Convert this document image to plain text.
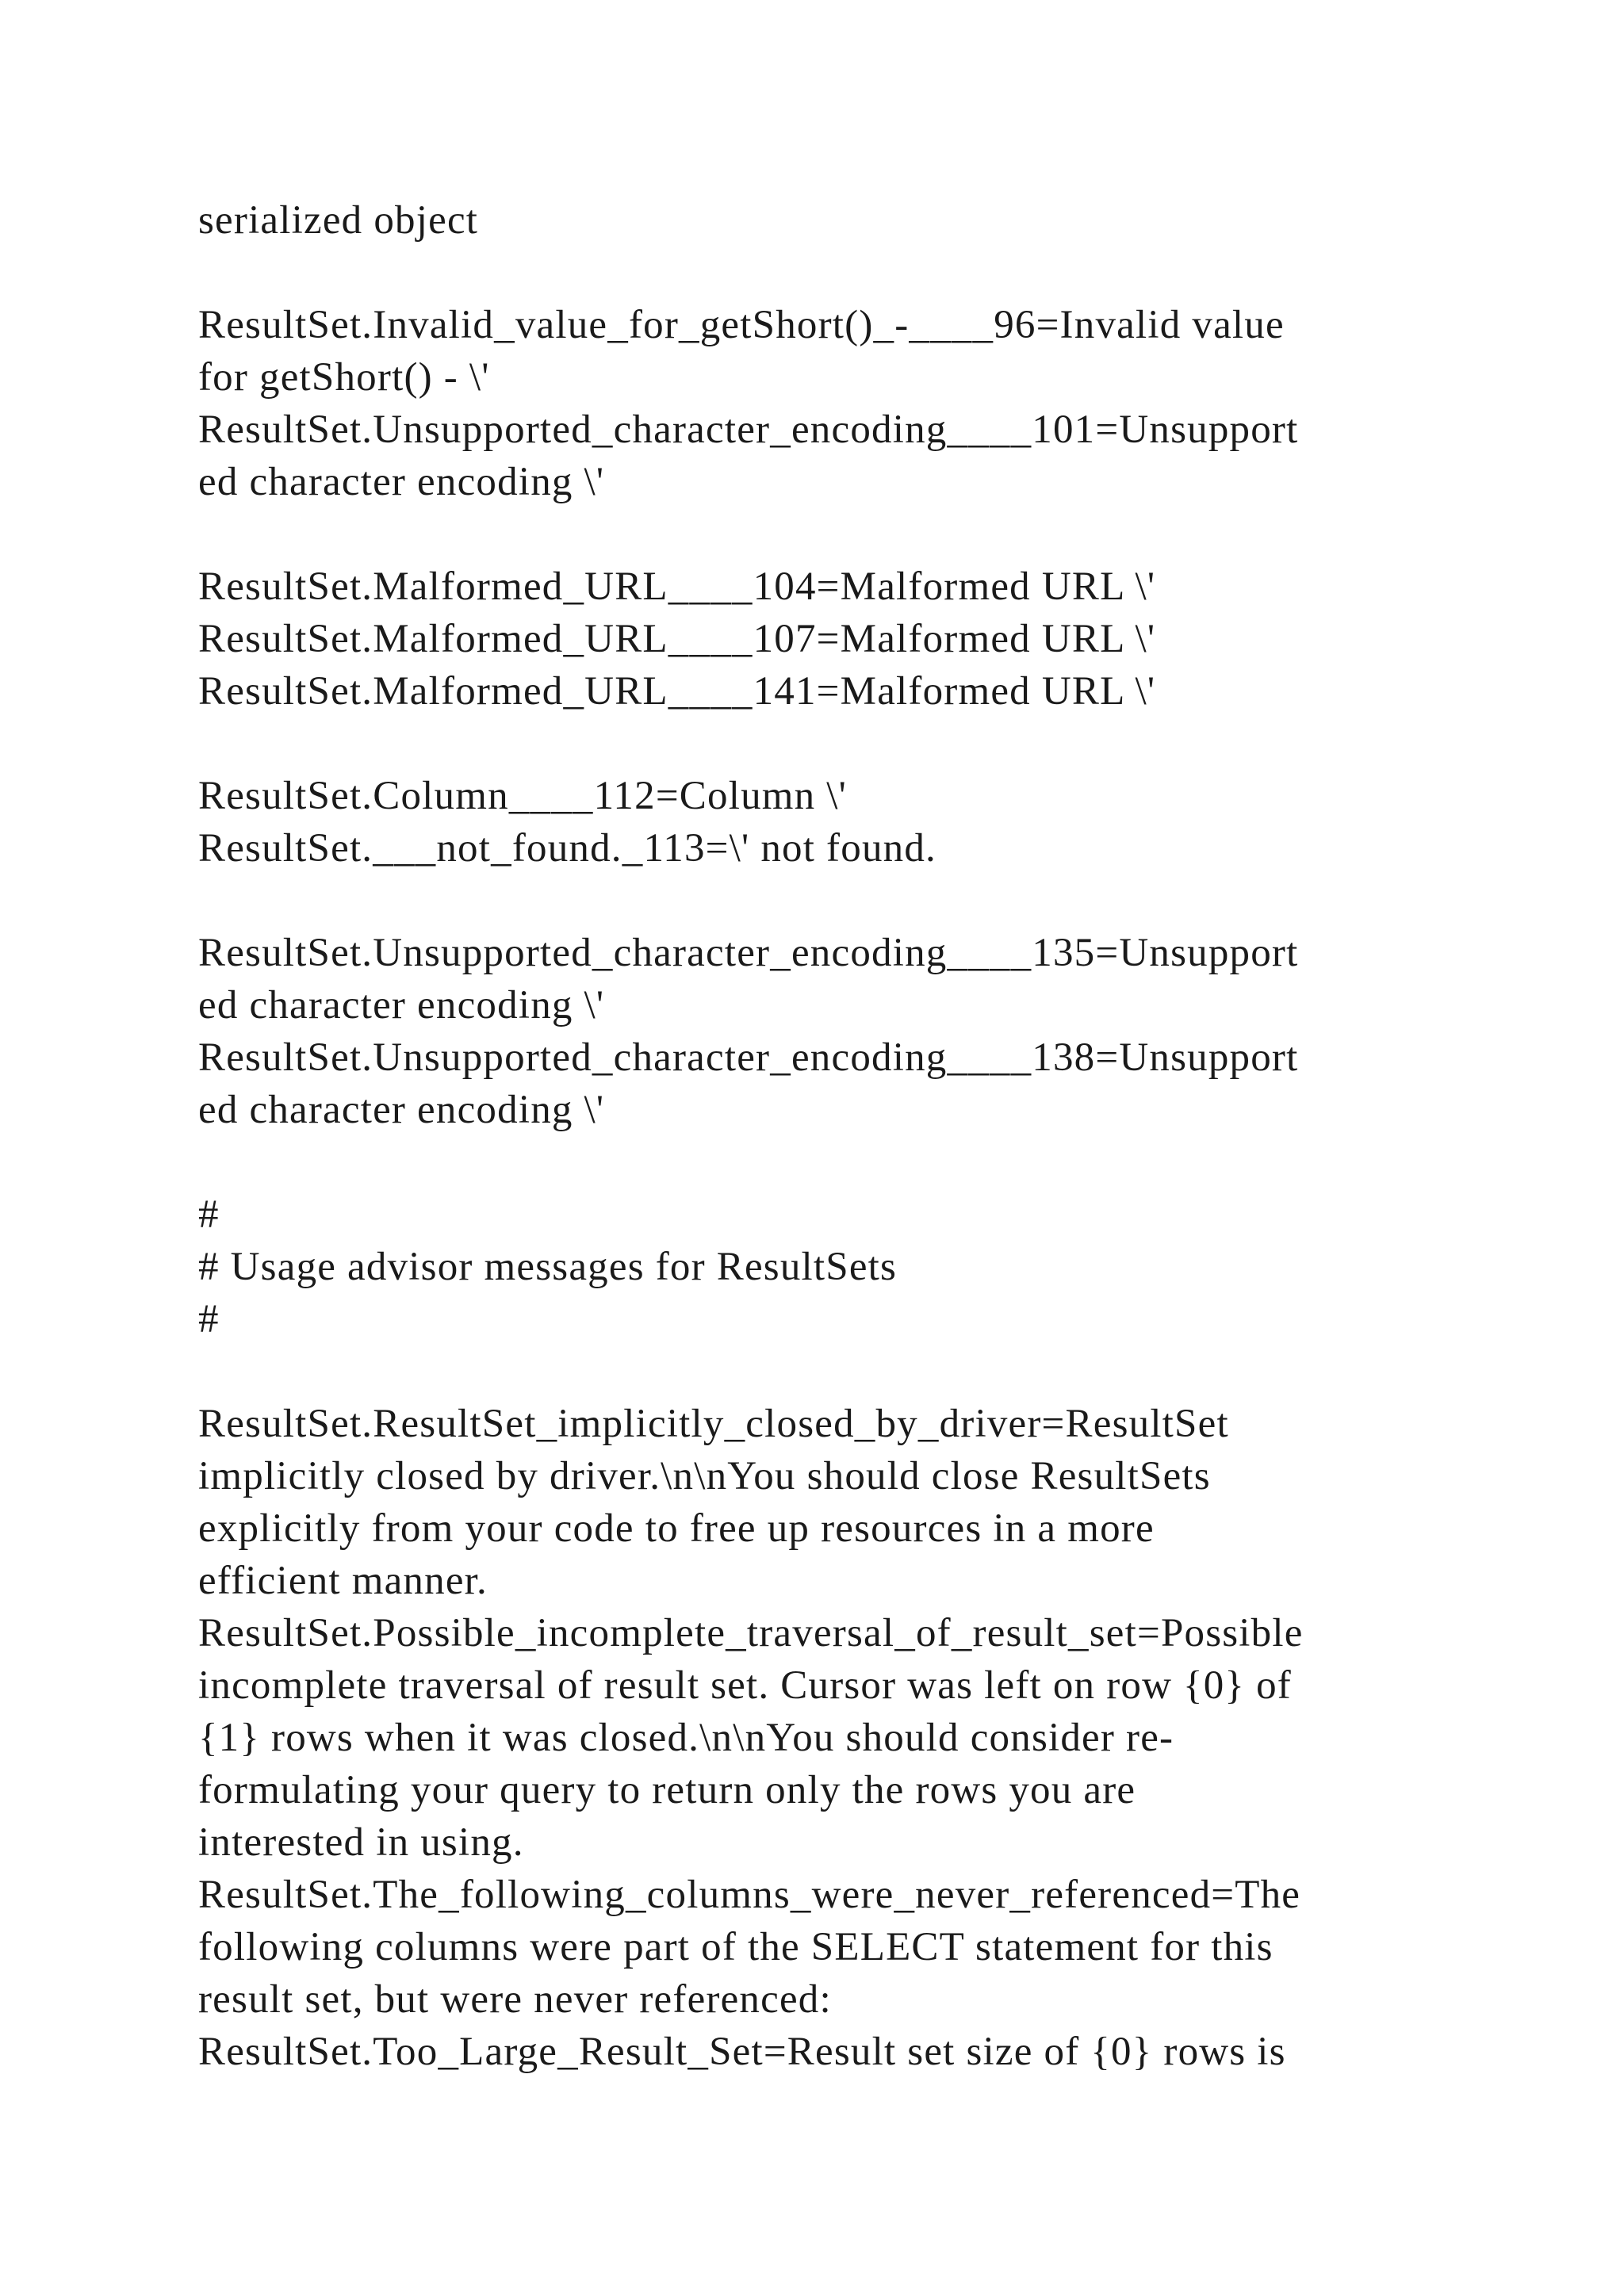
serialized object
ResultSet.Invalid_value_for_getShort()_-____96=Invalid value
for getShort() - \'
ResultSet.Unsupported_character_encoding____101=Unsupport
ed character encoding \'
ResultSet.Malformed_URL____104=Malformed URL \'
ResultSet.Malformed_URL____107=Malformed URL \'
ResultSet.Malformed_URL____141=Malformed URL \'
ResultSet.Column____112=Column \'
ResultSet.___not_found._113=\' not found.
ResultSet.Unsupported_character_encoding____135=Unsupport
ed character encoding \'
ResultSet.Unsupported_character_encoding____138=Unsupport
ed character encoding \'
#
# Usage advisor messages for ResultSets
#
ResultSet.ResultSet_implicitly_closed_by_driver=ResultSet
implicitly closed by driver.\n\nYou should close ResultSets
explicitly from your code to free up resources in a more
efficient manner.
ResultSet.Possible_incomplete_traversal_of_result_set=Possible
incomplete traversal of result set. Cursor was left on row {0} of
{1} rows when it was closed.\n\nYou should consider re-
formulating your query to return only the rows you are
interested in using.
ResultSet.The_following_columns_were_never_referenced=The
following columns were part of the SELECT statement for this
result set, but were never referenced:
ResultSet.Too_Large_Result_Set=Result set size of {0} rows is
